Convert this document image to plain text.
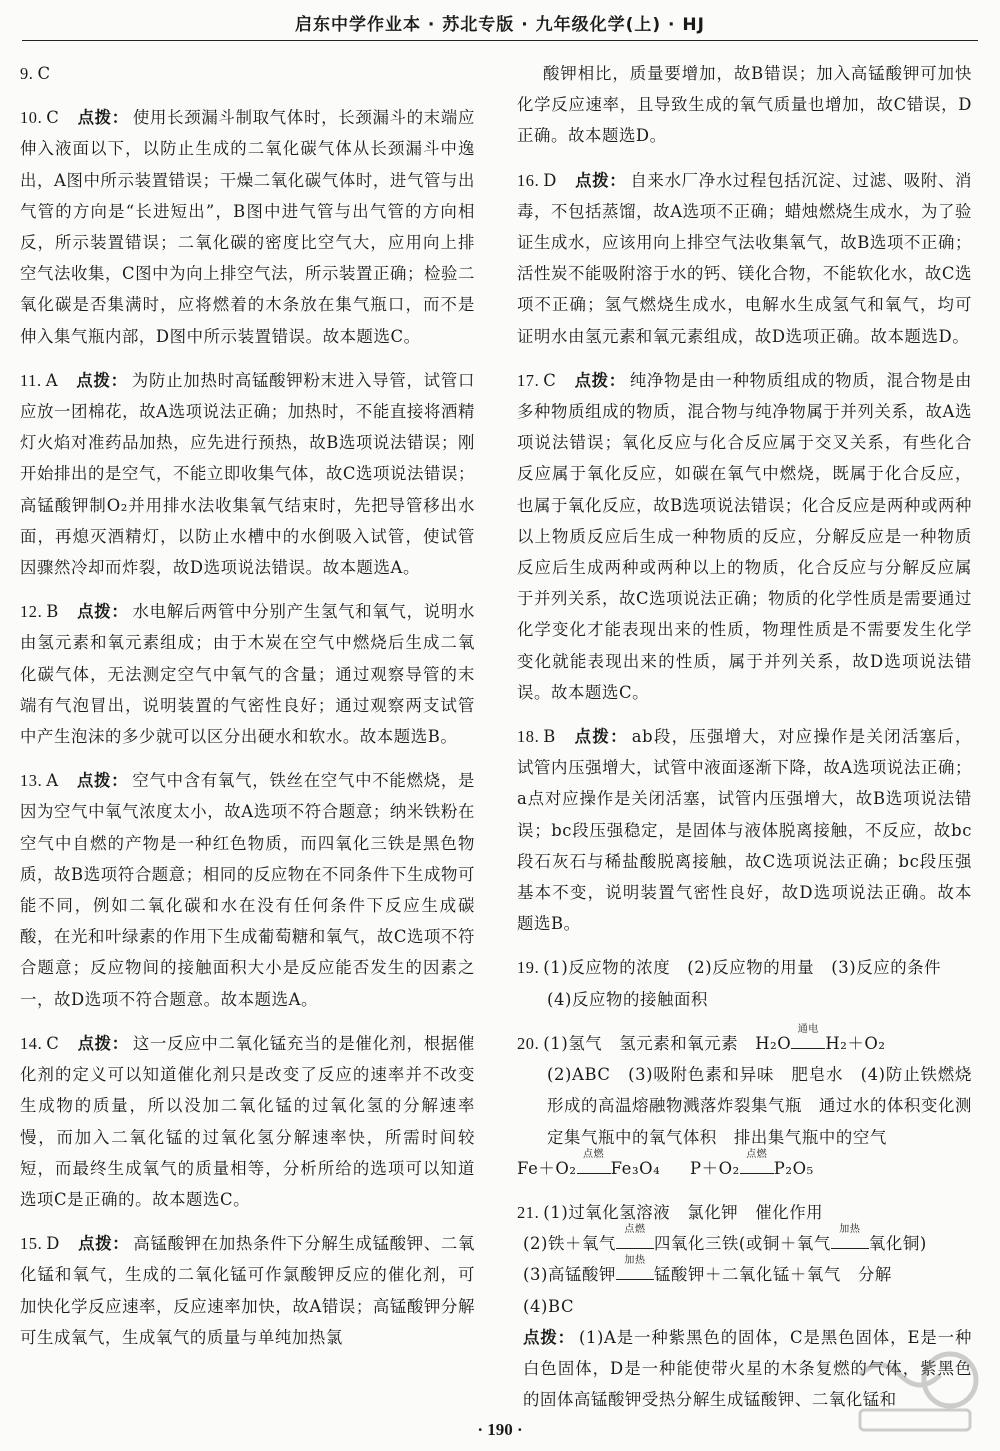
启东中学作业本 · 苏北专版 · 九年级化学(上) · HJ
9. C
10. C 点拨： 使用长颈漏斗制取气体时，长颈漏斗的末端应伸入液面以下，以防止生成的二氧化碳气体从长颈漏斗中逸出，A图中所示装置错误；干燥二氧化碳气体时，进气管与出气管的方向是“长进短出”，B图中进气管与出气管的方向相反，所示装置错误；二氧化碳的密度比空气大，应用向上排空气法收集，C图中为向上排空气法，所示装置正确；检验二氧化碳是否集满时，应将燃着的木条放在集气瓶口，而不是伸入集气瓶内部，D图中所示装置错误。故本题选C。
11. A 点拨： 为防止加热时高锰酸钾粉末进入导管，试管口应放一团棉花，故A选项说法正确；加热时，不能直接将酒精灯火焰对准药品加热，应先进行预热，故B选项说法错误；刚开始排出的是空气，不能立即收集气体，故C选项说法错误；高锰酸钾制O₂并用排水法收集氧气结束时，先把导管移出水面，再熄灭酒精灯，以防止水槽中的水倒吸入试管，使试管因骤然冷却而炸裂，故D选项说法错误。故本题选A。
12. B 点拨： 水电解后两管中分别产生氢气和氧气，说明水由氢元素和氧元素组成；由于木炭在空气中燃烧后生成二氧化碳气体，无法测定空气中氧气的含量；通过观察导管的末端有气泡冒出，说明装置的气密性良好；通过观察两支试管中产生泡沫的多少就可以区分出硬水和软水。故本题选B。
13. A 点拨： 空气中含有氧气，铁丝在空气中不能燃烧，是因为空气中氧气浓度太小，故A选项不符合题意；纳米铁粉在空气中自燃的产物是一种红色物质，而四氧化三铁是黑色物质，故B选项符合题意；相同的反应物在不同条件下生成物可能不同，例如二氧化碳和水在没有任何条件下反应生成碳酸，在光和叶绿素的作用下生成葡萄糖和氧气，故C选项不符合题意；反应物间的接触面积大小是反应能否发生的因素之一，故D选项不符合题意。故本题选A。
14. C 点拨： 这一反应中二氧化锰充当的是催化剂，根据催化剂的定义可以知道催化剂只是改变了反应的速率并不改变生成物的质量，所以没加二氧化锰的过氧化氢的分解速率慢，而加入二氧化锰的过氧化氢分解速率快，所需时间较短，而最终生成氧气的质量相等，分析所给的选项可以知道选项C是正确的。故本题选C。
15. D 点拨： 高锰酸钾在加热条件下分解生成锰酸钾、二氧化锰和氧气，生成的二氧化锰可作氯酸钾反应的催化剂，可加快化学反应速率，反应速率加快，故A错误；高锰酸钾分解可生成氧气，生成氧气的质量与单纯加热氯
酸钾相比，质量要增加，故B错误；加入高锰酸钾可加快化学反应速率，且导致生成的氧气质量也增加，故C错误，D正确。故本题选D。
16. D 点拨： 自来水厂净水过程包括沉淀、过滤、吸附、消毒，不包括蒸馏，故A选项不正确；蜡烛燃烧生成水，为了验证生成水，应该用向上排空气法收集氧气，故B选项不正确；活性炭不能吸附溶于水的钙、镁化合物，不能软化水，故C选项不正确；氢气燃烧生成水，电解水生成氢气和氧气，均可证明水由氢元素和氧元素组成，故D选项正确。故本题选D。
17. C 点拨： 纯净物是由一种物质组成的物质，混合物是由多种物质组成的物质，混合物与纯净物属于并列关系，故A选项说法错误；氧化反应与化合反应属于交叉关系，有些化合反应属于氧化反应，如碳在氧气中燃烧，既属于化合反应，也属于氧化反应，故B选项说法错误；化合反应是两种或两种以上物质反应后生成一种物质的反应，分解反应是一种物质反应后生成两种或两种以上的物质，化合反应与分解反应属于并列关系，故C选项说法正确；物质的化学性质是需要通过化学变化才能表现出来的性质，物理性质是不需要发生化学变化就能表现出来的性质，属于并列关系，故D选项说法错误。故本题选C。
18. B 点拨： ab段，压强增大，对应操作是关闭活塞后，试管内压强增大，试管中液面逐渐下降，故A选项说法正确；a点对应操作是关闭活塞，试管内压强增大，故B选项说法错误；bc段压强稳定，是固体与液体脱离接触，不反应，故bc段石灰石与稀盐酸脱离接触，故C选项说法正确；bc段压强基本不变，说明装置气密性良好，故D选项说法正确。故本题选B。
19. (1)反应物的浓度　(2)反应物的用量　(3)反应的条件
(4)反应物的接触面积
20. (1)氢气　氢元素和氧元素　H₂O
通电
H₂＋O₂
(2)ABC　(3)吸附色素和异味　肥皂水　(4)防止铁燃烧形成的高温熔融物溅落炸裂集气瓶　通过水的体积变化测定集气瓶中的氧气体积　排出集气瓶中的空气
Fe＋O₂
点燃
Fe₃O₄ P＋O₂
点燃
P₂O₅
21. (1)过氧化氢溶液　氯化钾　催化作用
(2)铁＋氧气
点燃
四氧化三铁(或铜＋氧气
加热
氧化铜)
(3)高锰酸钾
加热
锰酸钾＋二氧化锰＋氧气　分解
(4)BC
点拨： (1)A是一种紫黑色的固体，C是黑色固体，E是一种白色固体，D是一种能使带火星的木条复燃的气体，紫黑色的固体高锰酸钾受热分解生成锰酸钾、二氧化锰和
· 190 ·
